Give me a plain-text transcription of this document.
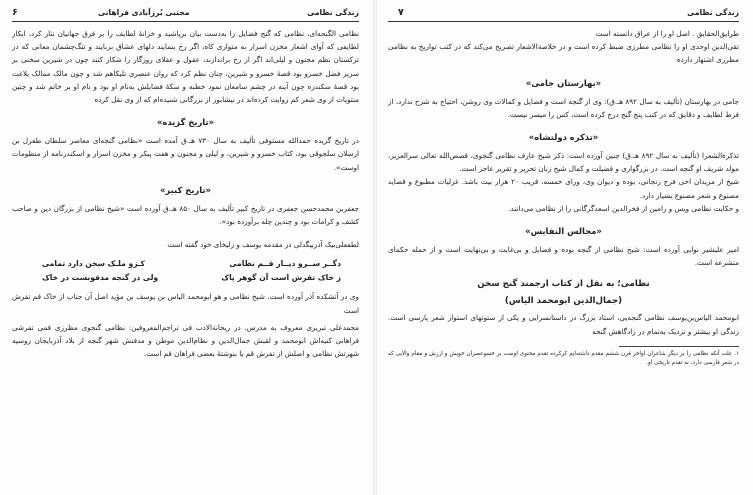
زندگی نظامی
مجتبی بُرزآبادی فراهانی
۶

نظامی الگنجه‌ای، نظامی که گنج فضایل را بەدست بیان برپاشید و خزانهٔ لطایف را بر فرق جهانیان نثار کرد، ابکار لطایفی که آوای اشعار مخزن اسرار به متواری کاه، اگر رخ بنمایند دلهای عشاق بربایند و تنگ‌چشمان معانی که در ترکستان نظم مجنون و لیلی‌اند اگر از رخ براندازند، عقول و عقلای روزگار را شکار کنند چون در شیرین سخنی بر سریر فضل خسرو بود قصهٔ خسرو و شیرین، چنان نظم کرد که روان عنصری تلیکاهم شد و چون مالک ممالک بلاغت بود قصهٔ سکندره چون آینه در چشم سامعان نمود خطبه و سکهٔ فضایلش بەنام او بود و نام او بر خاتم شد و چنین منثویات از وی شعر کم روایت کرده‌اند در نیشابور از بزرگانی شنیده‌ام که از وی نقل کرده

«تاریخ گزیده»

در تاریخ گزیده حمدالله مستوفی تألیف به سال ۷۳۰ هـ.ق آمده است «نظامی گنجه‌ای معاصر سلطان طغرل بن ارسلان سلجوقی بود، کتاب خسرو و شیرین، و لیلی و مجنون و هفت پیکر و مخزن اسرار و اسکندرنامه از منظومات اوست».

«تاریخ کبیر»

جعفربن محمدحسن جعفری در تاریخ کبیر تألیف به سال ۸۵۰ هـ.ق آورده است «شیخ نظامی از بزرگان دین و صاحب کشف و کرامات بود و چندین چله برآورده بود».

لطفعلی‌بیک آذربیگدلی در مقدمه یوسف و زلیخای خود گفته است

دگــر ســرو دیــار قــم نظامی
کـزو ملـک سخن دارد تمامی
ز خاک تفرش است آن گوهر پاک
ولی در گنجه مدفونست در خاک

وی در آتشکده آذر آورده است. شیخ نظامی و هو ابومحمد الیاس بن یوسف بن مؤید اصل آن جناب از خاک قم نقرش است

محمدعلی تبریزی معروف به مدرس. در ریحانةالادب فی تراجم‌المعروفین: نظامی گنجوی مظرزی قمی تفرشی فراهانی کنیه‌اش ابومحمد و لقبش جمال‌الدین و نظام‌الدین موطن و مدفنش شهر گنجه از بلاد آذربایجان روسیه شهرتش نظامی و اصلش از تفرش قم یا بنوشتهٔ بعضی فراهان قم است.

زندگی نظامی
۷

طرایق‌الحقایق . اصل او را از عراق دانسته است

تقی‌الدین اوحدی او را نظامی مطرزی ضبط کرده است و در خلاصةالاشعار تصریح می‌کند که در کتب تواریخ به نظامی مطرزی اشتهار دارده

«بهارستان جامی»

جامی در بهارستان (تألیف به سال ۸۹۲ هـ.ق): وی از گنجه است و فضایل و کمالات وی روشن، احتیاج به شرح ندارد، از فرط لطایف و دقایق که در کتب پنج گنج درج کرده است، کس را میسر نیست.

«تذکره دولتشاه»

تذکرةالشعرا (تألیف به سال ۸۹۲ هـ.ق) چنین آورده است: ذکر شیخ عارف نظامی گنجوی، قصص‌الله تعالی سرالعزیز، مولد شریف او گنجه است. در بزرگواری و فضیلت و کمال شیخ زبان تحریر و تقریر عاجز است.

شیخ از مریدان اخی فرج زنجانی، بوده و دیوان وی، ورای خمسه، قریب ۲۰ هزار بیت باشد. غزلیات مطبوع و قصاید مصنوع و شعر مصنوع بسیار دارد.

و حکایت نظامی ویس و رامین از فخرالدین اسعدگرگانی را از نظامی می‌دانند.

«مجالس النفایس»

امیر علیشیر نوایی آورده است: شیخ نظامی از گنجه بوده و فضایل و بی‌غایت و بی‌نهایت است و از حمله حکمای متشرعه است.

نظامی؛ به نقل از کتاب ارجمند گنج سخن
(جمال‌الدین ابومحمد الیاس)

ابومحمد الیاس‌بن‌یوسف نظامی گنجه‌یی، استاد بزرگ در داستانسرایی و یکی از ستونهای استوار شعر پارسی است. زندگی او بیشتر و نزدیک به‌تمام در زادگاهش گنجه

۱. علت آنکه نظامی را بر دیگر شاعران اواخر قرن ششم مقدم داشته‌ایم کرکرده تقدم محتوی اوست بر خسوعصران خویش و ارزش و مقام والایی که در شعر فارسی دارد، نه تقدم تاریخی او.
